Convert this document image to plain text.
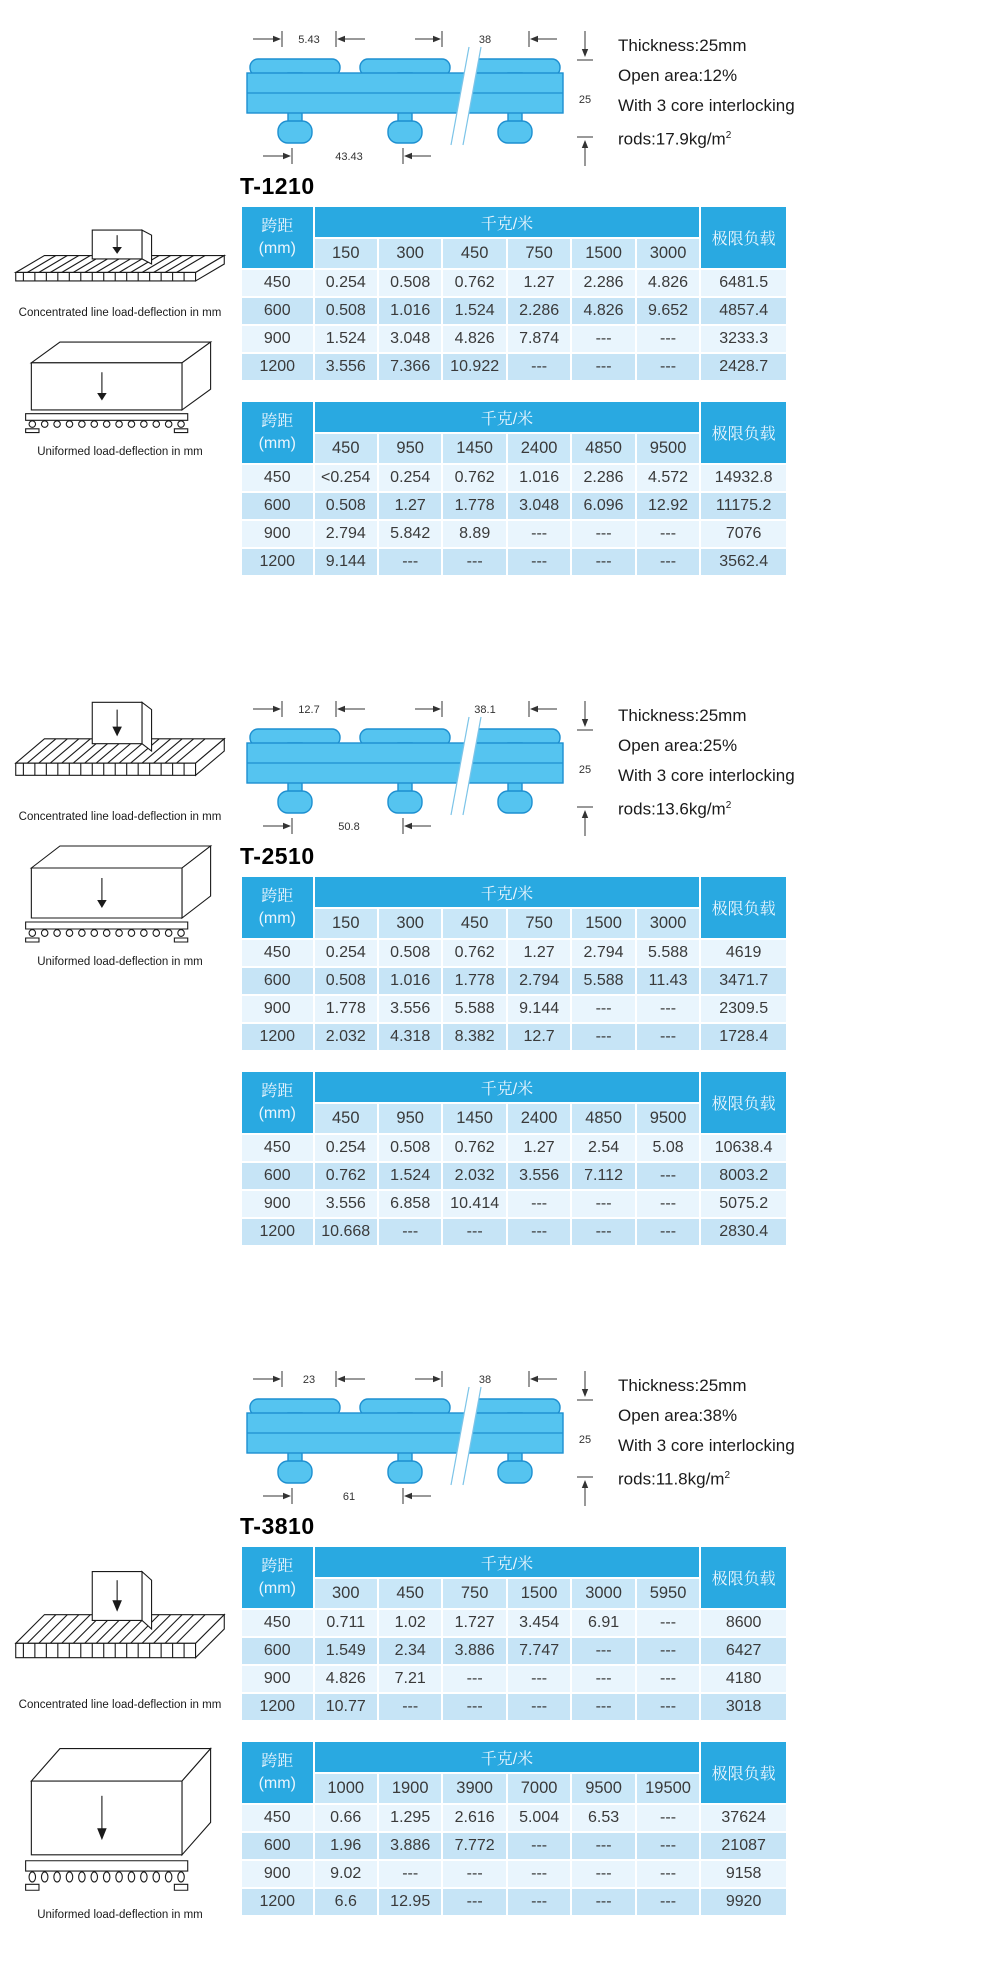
5.43	38
43.43
25
Thickness:25mm
Open area:12%
With 3 core interlocking
$rods:17.9kg/m^2$
T-1210
Concentrated line load-deflection in mm
Uniformed load-deflection in mm
跨距
(mm)	千克/米						极限负载
	150	300	450	750	1500	3000	
450	0.254	0.508	0.762	1.27	2.286	4.826	6481.5
600	0.508	1.016	1.524	2.286	4.826	9.652	4857.4
900	1.524	3.048	4.826	7.874	---	---	3233.3
1200	3.556	7.366	10.922	---	---	---	2428.7
跨距
(mm)	千克/米						极限负载
	450	950	1450	2400	4850	9500	
450	<0.254	0.254	0.762	1.016	2.286	4.572	14932.8
600	0.508	1.27	1.778	3.048	6.096	12.92	11175.2
900	2.794	5.842	8.89	---	---	---	7076
1200	9.144	---	---	---	---	---	3562.4
12.7	38.1
50.8
25
Thickness:25mm
Open area:25%
With 3 core interlocking
$rods:13.6kg/m^2$
T-2510
Concentrated line load-deflection in mm
Uniformed load-deflection in mm
跨距
(mm)	千克/米						极限负载
	150	300	450	750	1500	3000	
450	0.254	0.508	0.762	1.27	2.794	5.588	4619
600	0.508	1.016	1.778	2.794	5.588	11.43	3471.7
900	1.778	3.556	5.588	9.144	---	---	2309.5
1200	2.032	4.318	8.382	12.7	---	---	1728.4
跨距
(mm)	千克/米						极限负载
	450	950	1450	2400	4850	9500	
450	0.254	0.508	0.762	1.27	2.54	5.08	10638.4
600	0.762	1.524	2.032	3.556	7.112	---	8003.2
900	3.556	6.858	10.414	---	---	---	5075.2
1200	10.668	---	---	---	---	---	2830.4
23	38
61
25
Thickness:25mm
Open area:38%
With 3 core interlocking
$rods:11.8kg/m^2$
T-3810
Concentrated line load-deflection in mm
Uniformed load-deflection in mm
跨距
(mm)	千克/米						极限负载
	300	450	750	1500	3000	5950	
450	0.711	1.02	1.727	3.454	6.91	---	8600
600	1.549	2.34	3.886	7.747	---	---	6427
900	4.826	7.21	---	---	---	---	4180
1200	10.77	---	---	---	---	---	3018
跨距
(mm)	千克/米						极限负载
	1000	1900	3900	7000	9500	19500	
450	0.66	1.295	2.616	5.004	6.53	---	37624
600	1.96	3.886	7.772	---	---	---	21087
900	9.02	---	---	---	---	---	9158
1200	6.6	12.95	---	---	---	---	9920
